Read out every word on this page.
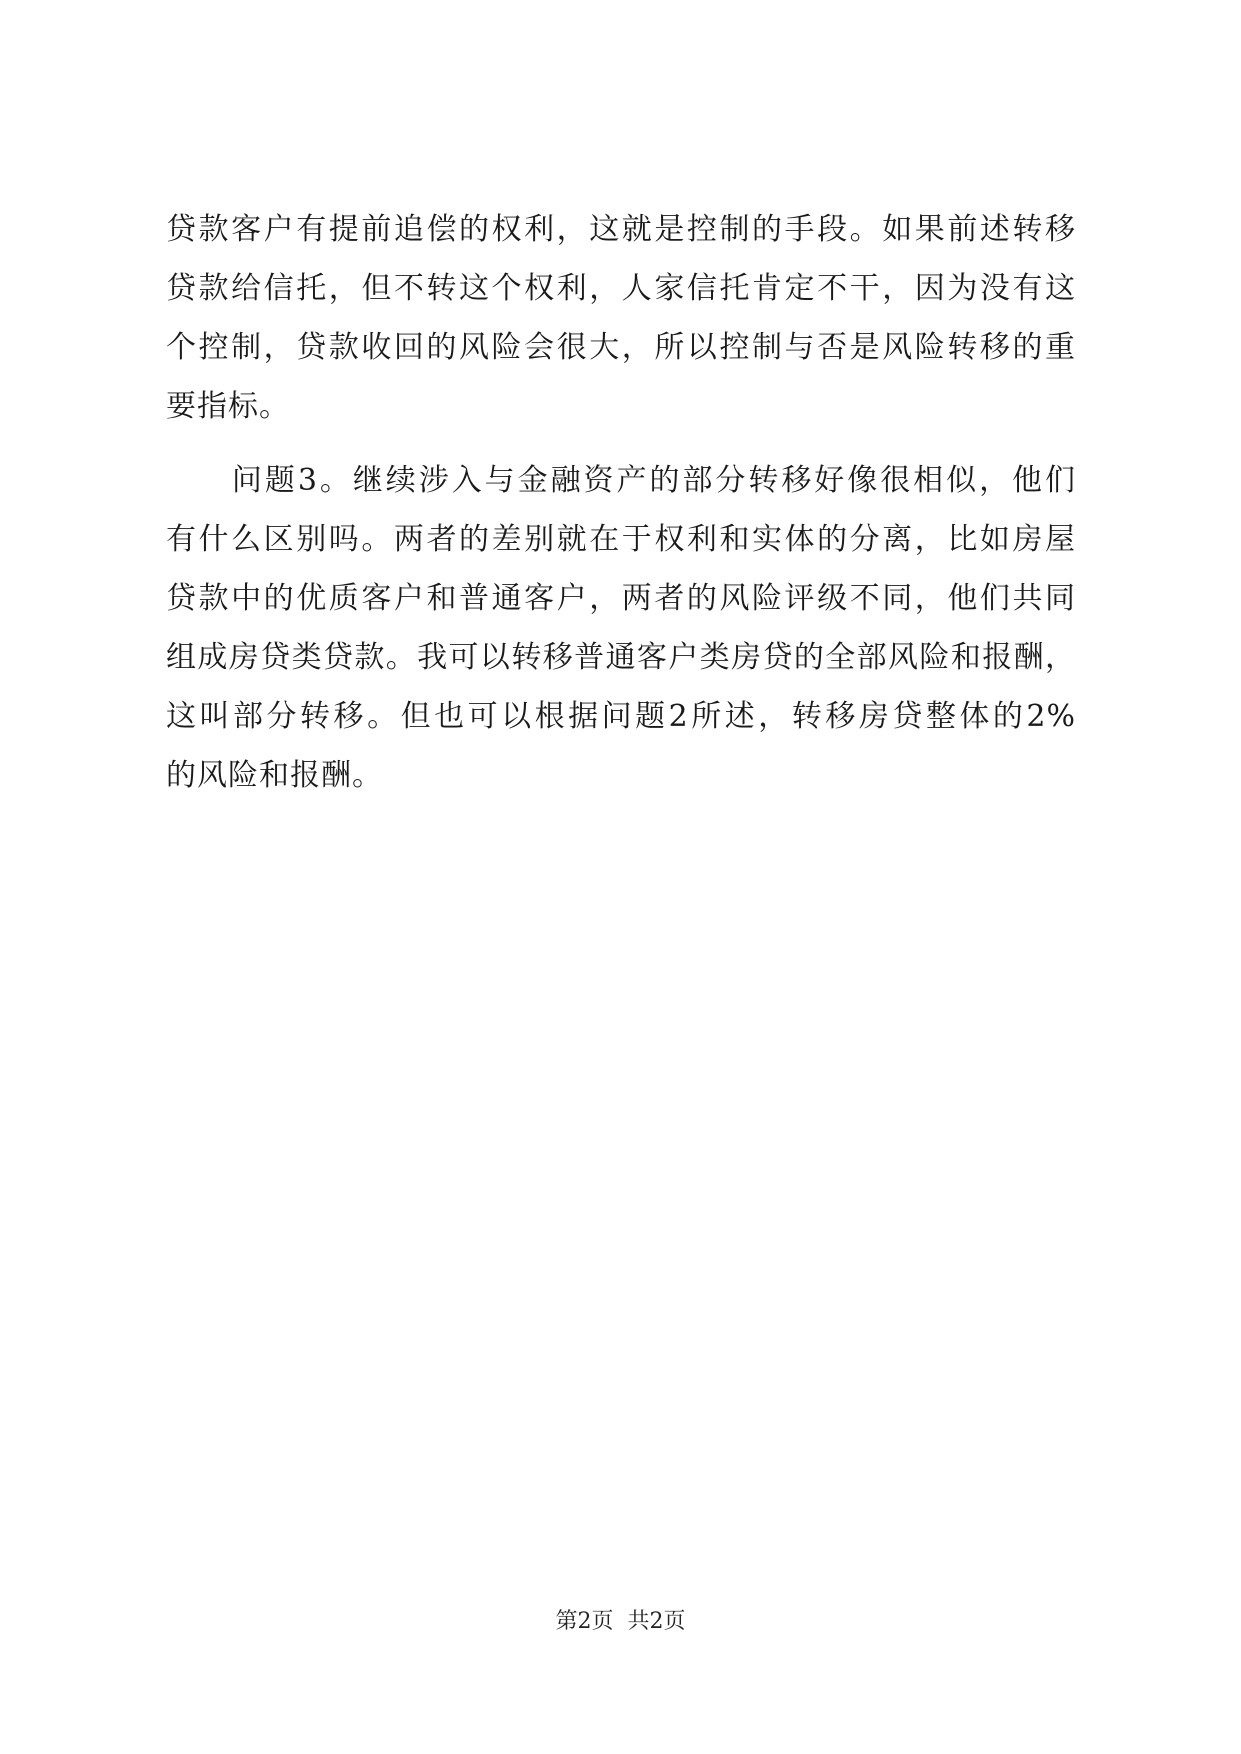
贷款客户有提前追偿的权利，这就是控制的手段。如果前述转移
贷款给信托，但不转这个权利，人家信托肯定不干，因为没有这
个控制，贷款收回的风险会很大，所以控制与否是风险转移的重
要指标。
　　问题3。继续涉入与金融资产的部分转移好像很相似，他们
有什么区别吗。两者的差别就在于权利和实体的分离，比如房屋
贷款中的优质客户和普通客户，两者的风险评级不同，他们共同
组成房贷类贷款。我可以转移普通客户类房贷的全部风险和报酬，
这叫部分转移。但也可以根据问题2所述，转移房贷整体的2%
的风险和报酬。
第2页  共2页
